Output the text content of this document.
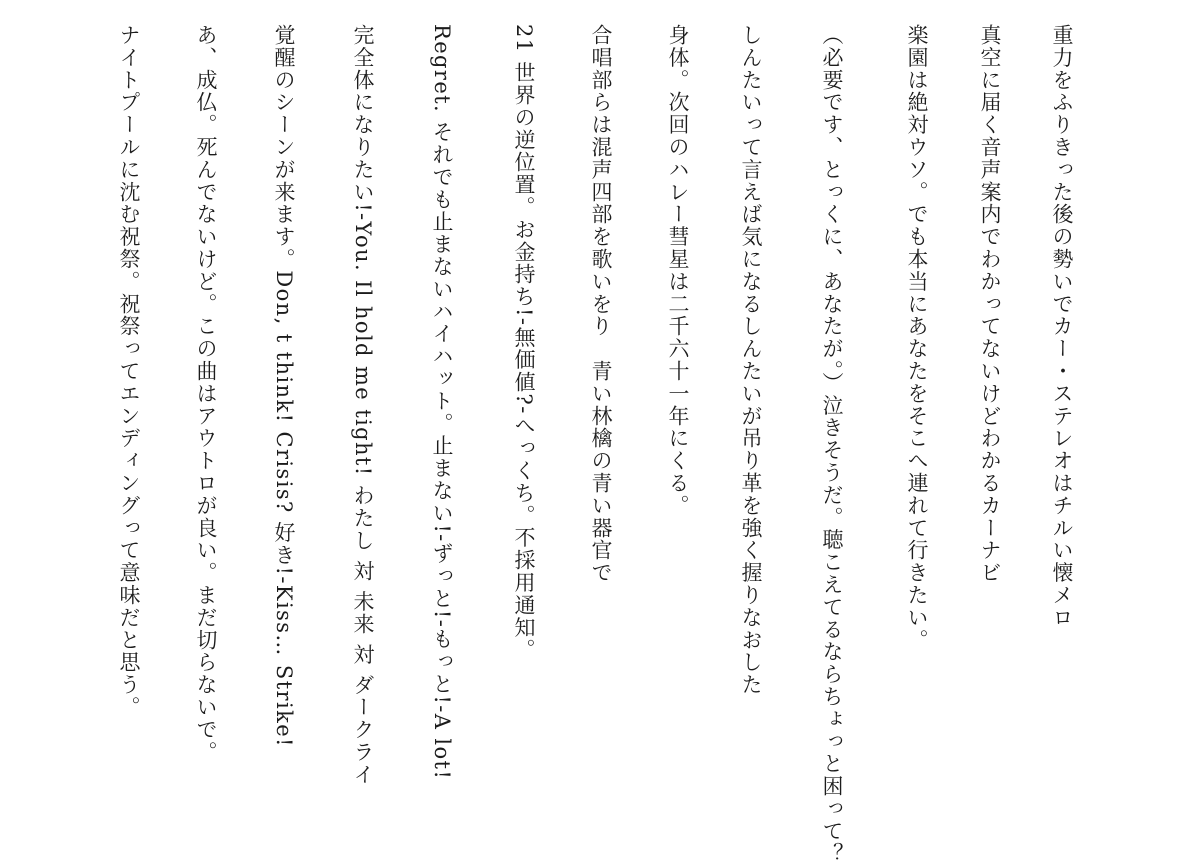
重力をふりきった後の勢いでカー・ステレオはチルい懐メロ
真空に届く音声案内でわかってないけどわかるカーナビ
楽園は絶対ウソ。でも本当にあなたをそこへ連れて行きたい。
（必要です、とっくに、あなたが。）泣きそうだ。聴こえてるならちょっと困って？
しんたいって言えば気になるしんたいが吊り革を強く握りなおした
身体。次回のハレー彗星は二千六十一年にくる。
合唱部らは混声四部を歌いをり　青い林檎の青い器官で
21 世界の逆位置。お金持ち!‐無価値?‐へっくち。不採用通知。
Regret. それでも止まないハイハット。止まない!‐ずっと!‐もっと!‐A lot!
完全体になりたい!‐You. Il hold me tight! わたし 対 未来 対 ダークライ
覚醒のシーンが来ます。Don, t think! Crisis? 好き!‐Kiss… Strike!
あ、成仏。死んでないけど。この曲はアウトロが良い。まだ切らないで。
ナイトプールに沈む祝祭。祝祭ってエンディングって意味だと思う。
